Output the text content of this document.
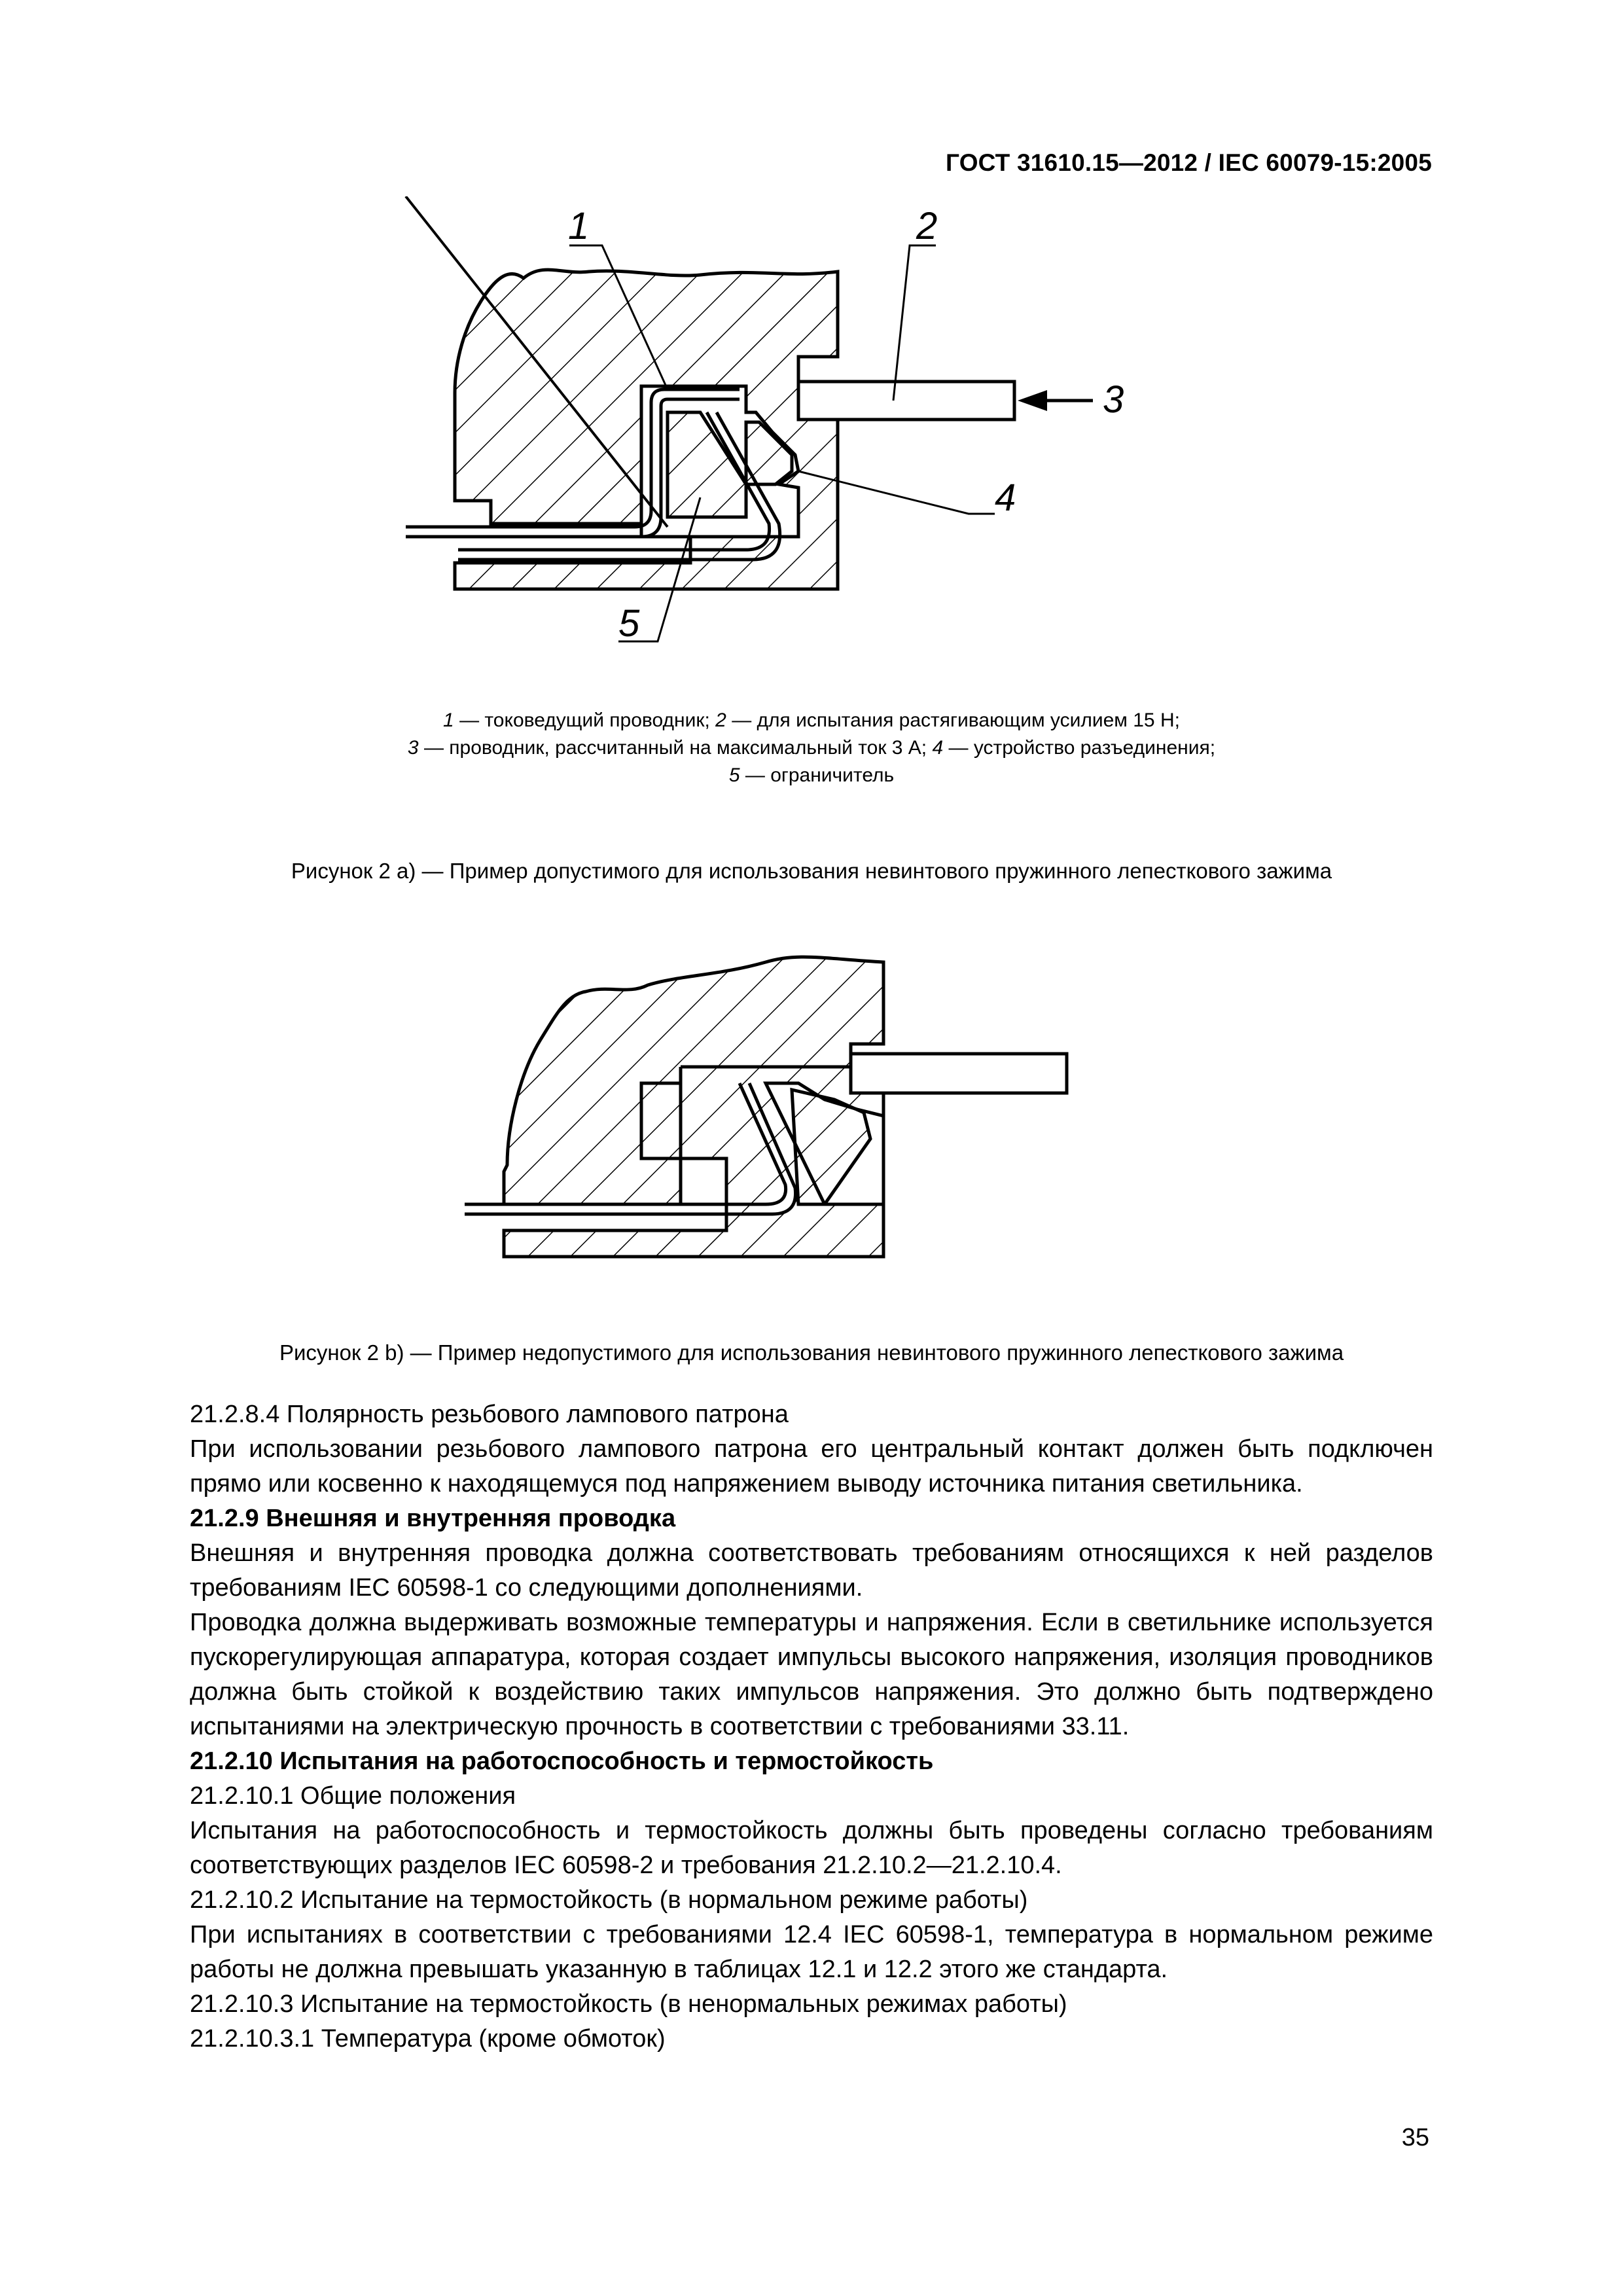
ГОСТ 31610.15—2012 / IEC 60079-15:2005
1	2
3
4
5
1 — токоведущий проводник; 2 — для испытания растягивающим усилием 15 Н;
3 — проводник, рассчитанный на максимальный ток 3 А; 4 — устройство разъединения;
5 — ограничитель
Рисунок 2 а) — Пример допустимого для использования невинтового пружинного лепесткового зажима
Рисунок 2 b) — Пример недопустимого для использования невинтового пружинного лепесткового зажима

21.2.8.4 Полярность резьбового лампового патрона

При использовании резьбового лампового патрона его центральный контакт должен быть подключен прямо или косвенно к находящемуся под напряжением выводу источника питания светильника.

21.2.9 Внешняя и внутренняя проводка

Внешняя и внутренняя проводка должна соответствовать требованиям относящихся к ней разделов требованиям IEC 60598-1 со следующими дополнениями.

Проводка должна выдерживать возможные температуры и напряжения. Если в светильнике используется пускорегулирующая аппаратура, которая создает импульсы высокого напряжения, изоляция проводников должна быть стойкой к воздействию таких импульсов напряжения. Это должно быть подтверждено испытаниями на электрическую прочность в соответствии с требованиями 33.11.

21.2.10 Испытания на работоспособность и термостойкость

21.2.10.1 Общие положения

Испытания на работоспособность и термостойкость должны быть проведены согласно требованиям соответствующих разделов IEC 60598-2 и требования 21.2.10.2—21.2.10.4.

21.2.10.2 Испытание на термостойкость (в нормальном режиме работы)

При испытаниях в соответствии с требованиями 12.4 IEC 60598-1, температура в нормальном режиме работы не должна превышать указанную в таблицах 12.1 и 12.2 этого же стандарта.

21.2.10.3 Испытание на термостойкость (в ненормальных режимах работы)

21.2.10.3.1 Температура (кроме обмоток)

35
